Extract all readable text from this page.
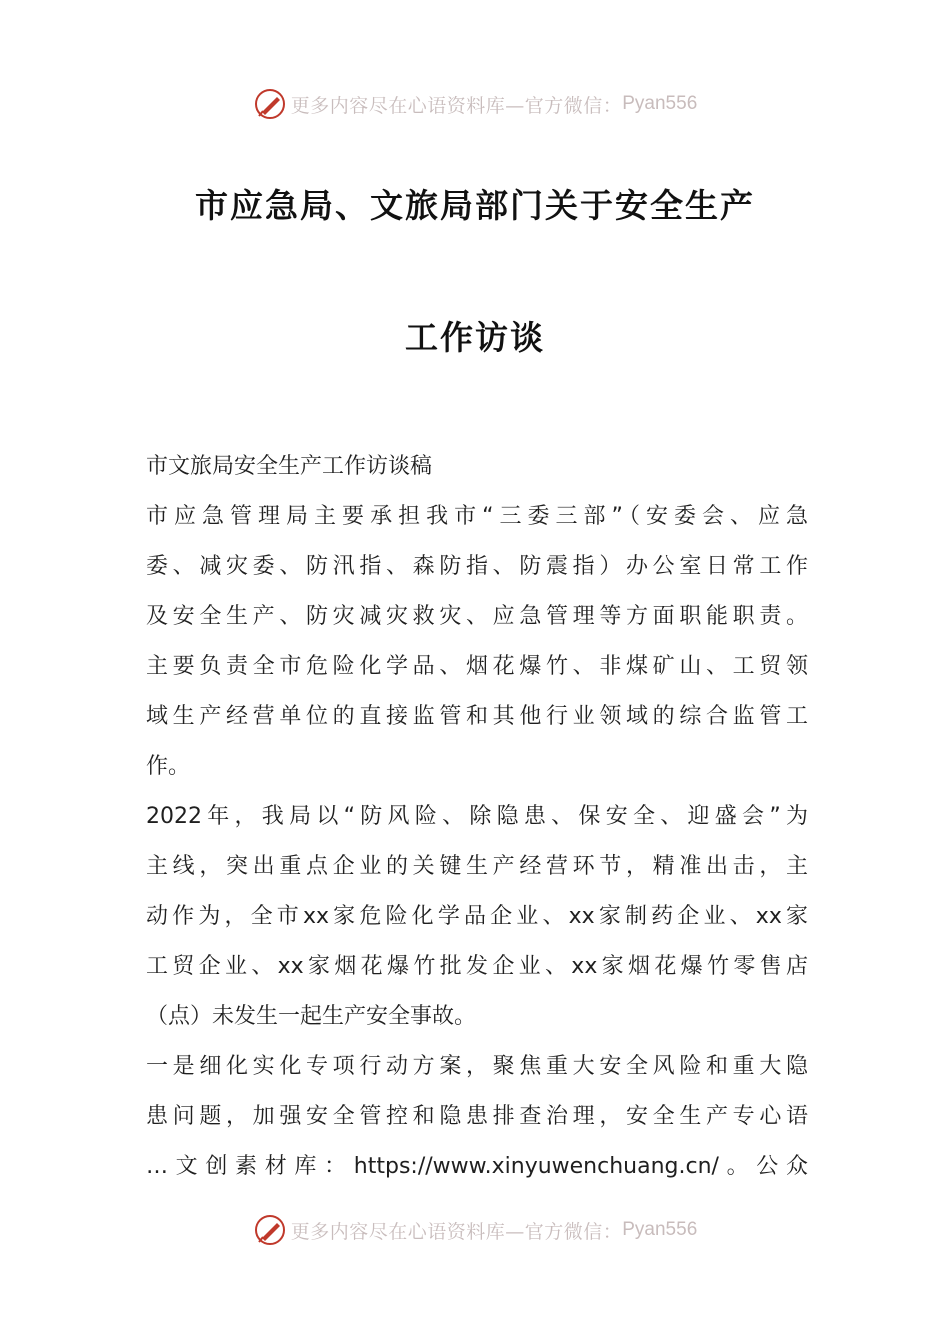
更多内容尽在心语资料库—官方微信： Pyan556
市应急局、文旅局部门关于安全生产
工作访谈
市文旅局安全生产工作访谈稿
市应急管理局主要承担我市“三委三部”（安委会、应急
委、减灾委、防汛指、森防指、防震指）办公室日常工作
及安全生产、防灾减灾救灾、应急管理等方面职能职责。
主要负责全市危险化学品、烟花爆竹、非煤矿山、工贸领
域生产经营单位的直接监管和其他行业领域的综合监管工
作。
2022年，我局以“防风险、除隐患、保安全、迎盛会”为
主线，突出重点企业的关键生产经营环节，精准出击，主
动作为，全市xx家危险化学品企业、xx家制药企业、xx家
工贸企业、xx家烟花爆竹批发企业、xx家烟花爆竹零售店
（点）未发生一起生产安全事故。
一是细化实化专项行动方案，聚焦重大安全风险和重大隐
患问题，加强安全管控和隐患排查治理，安全生产专心语
…文创素材库：https://www.xinyuwenchuang.cn/。公众
更多内容尽在心语资料库—官方微信： Pyan556
